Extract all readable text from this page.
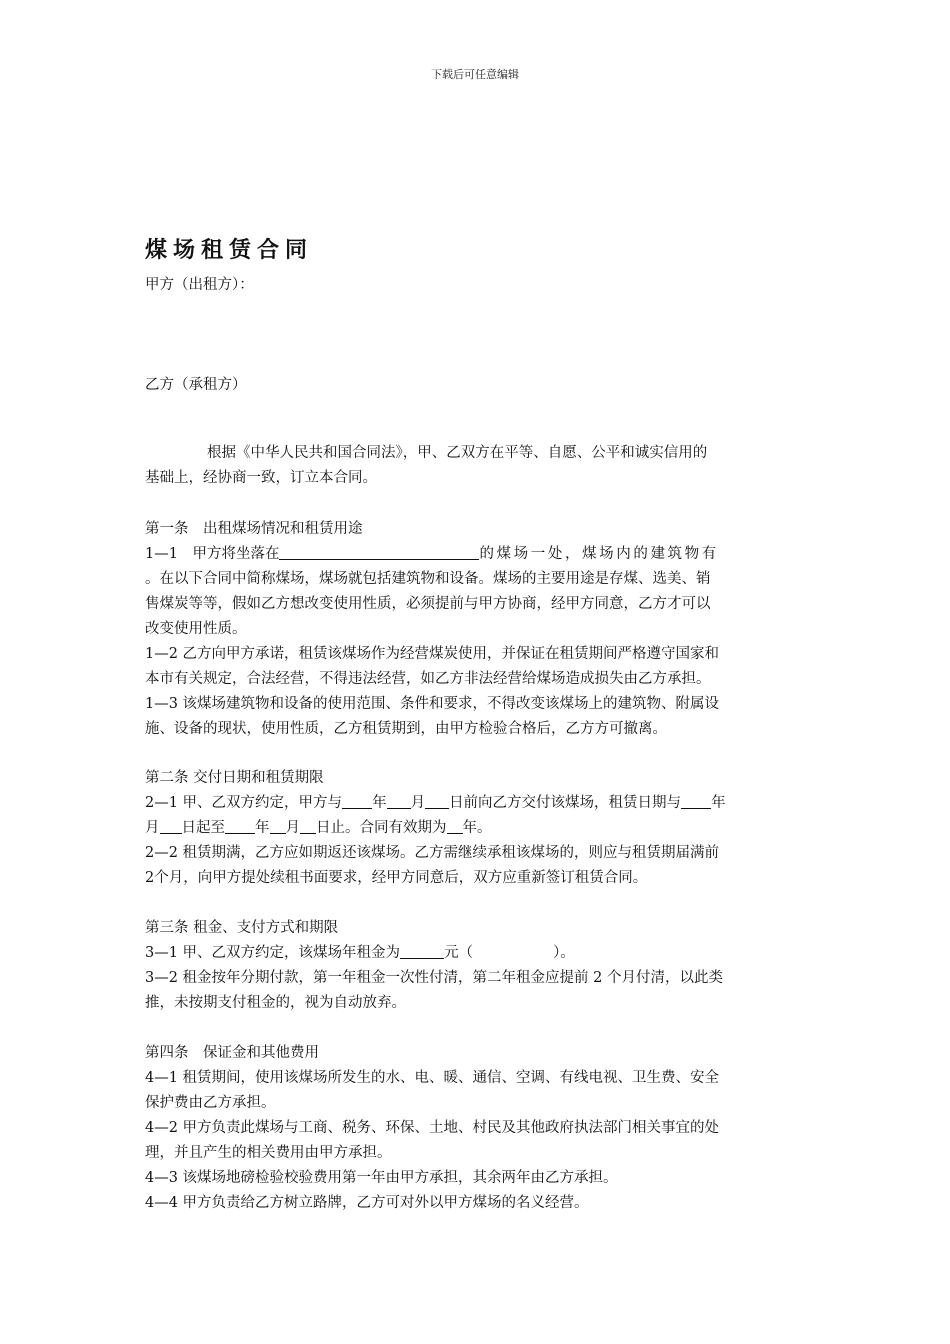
下载后可任意编辑
煤场租赁合同

甲方（出租方）：

乙方（承租方）

根据《中华人民共和国合同法》，甲、乙双方在平等、自愿、公平和诚实信用的
基础上，经协商一致，订立本合同。

第一条　出租煤场情况和租赁用途
1—1　甲方将坐落在	的煤场一处，煤场内的建筑物有
。在以下合同中简称煤场，煤场就包括建筑物和设备。煤场的主要用途是存煤、选美、销
售煤炭等等，假如乙方想改变使用性质，必须提前与甲方协商，经甲方同意，乙方才可以
改变使用性质。
1—2 乙方向甲方承诺，租赁该煤场作为经营煤炭使用，并保证在租赁期间严格遵守国家和
本市有关规定，合法经营，不得违法经营，如乙方非法经营给煤场造成损失由乙方承担。
1—3 该煤场建筑物和设备的使用范围、条件和要求，不得改变该煤场上的建筑物、附属设
施、设备的现状，使用性质，乙方租赁期到，由甲方检验合格后，乙方方可撤离。

第二条 交付日期和租赁期限
2—1 甲、乙双方约定，甲方与 年 月 日前向乙方交付该煤场，租赁日期与 年
月 日起至 年 月 日止。合同有效期为 年。
2—2 租赁期满，乙方应如期返还该煤场。乙方需继续承租该煤场的，则应与租赁期届满前
2个月，向甲方提处续租书面要求，经甲方同意后，双方应重新签订租赁合同。

第三条 租金、支付方式和期限
3—1 甲、乙双方约定，该煤场年租金为	元（	）。
3—2 租金按年分期付款，第一年租金一次性付清，第二年租金应提前 2 个月付清，以此类
推，未按期支付租金的，视为自动放弃。

第四条　保证金和其他费用
4—1 租赁期间，使用该煤场所发生的水、电、暖、通信、空调、有线电视、卫生费、安全
保护费由乙方承担。
4—2 甲方负责此煤场与工商、税务、环保、土地、村民及其他政府执法部门相关事宜的处
理，并且产生的相关费用由甲方承担。
4—3 该煤场地磅检验校验费用第一年由甲方承担，其余两年由乙方承担。
4—4 甲方负责给乙方树立路牌，乙方可对外以甲方煤场的名义经营。
